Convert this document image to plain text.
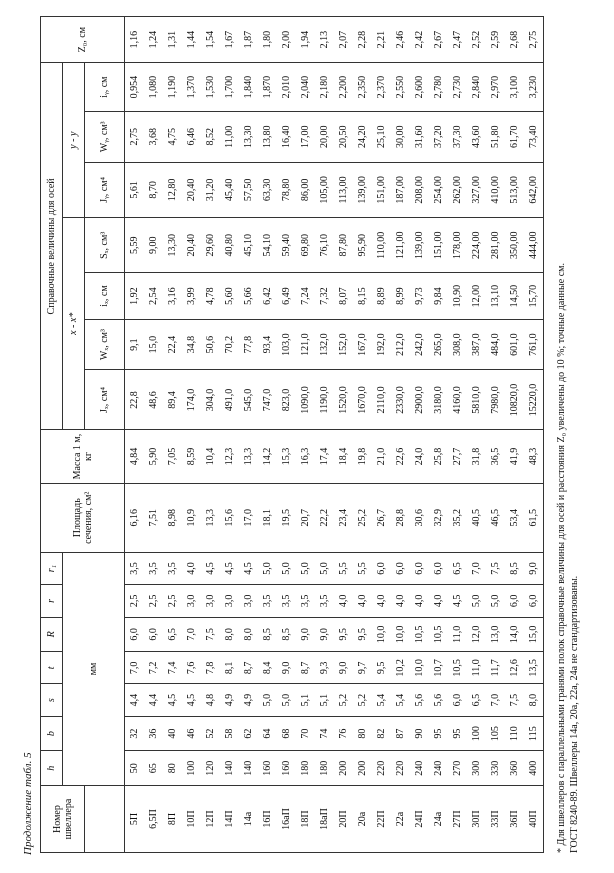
Продолжение табл. 5 Номер швеллера	h	b	s	t	R	r	r₁	Площадь сечения, см²	Масса 1 м, кг	Справочные величины для осей							Z₀, см
	мм									x - x*				y - y			
										Jₓ, см⁴	Wₓ, см³	iₓ, см	Sₓ, см³	Jᵧ, см⁴	Wᵧ, см³	iᵧ, см	
5П	50	32	4,4	7,0	6,0	2,5	3,5	6,16	4,84	22,8	9,1	1,92	5,59	5,61	2,75	0,954	1,16
6,5П	65	36	4,4	7,2	6,0	2,5	3,5	7,51	5,90	48,6	15,0	2,54	9,00	8,70	3,68	1,080	1,24
8П	80	40	4,5	7,4	6,5	2,5	3,5	8,98	7,05	89,4	22,4	3,16	13,30	12,80	4,75	1,190	1,31
10П	100	46	4,5	7,6	7,0	3,0	4,0	10,9	8,59	174,0	34,8	3,99	20,40	20,40	6,46	1,370	1,44
12П	120	52	4,8	7,8	7,5	3,0	4,5	13,3	10,4	304,0	50,6	4,78	29,60	31,20	8,52	1,530	1,54
14П	140	58	4,9	8,1	8,0	3,0	4,5	15,6	12,3	491,0	70,2	5,60	40,80	45,40	11,00	1,700	1,67
14а	140	62	4,9	8,7	8,0	3,0	4,5	17,0	13,3	545,0	77,8	5,66	45,10	57,50	13,30	1,840	1,87
16П	160	64	5,0	8,4	8,5	3,5	5,0	18,1	14,2	747,0	93,4	6,42	54,10	63,30	13,80	1,870	1,80
16аП	160	68	5,0	9,0	8,5	3,5	5,0	19,5	15,3	823,0	103,0	6,49	59,40	78,80	16,40	2,010	2,00
18П	180	70	5,1	8,7	9,0	3,5	5,0	20,7	16,3	1090,0	121,0	7,24	69,80	86,00	17,00	2,040	1,94
18аП	180	74	5,1	9,3	9,0	3,5	5,0	22,2	17,4	1190,0	132,0	7,32	76,10	105,00	20,00	2,180	2,13
20П	200	76	5,2	9,0	9,5	4,0	5,5	23,4	18,4	1520,0	152,0	8,07	87,80	113,00	20,50	2,200	2,07
20а	200	80	5,2	9,7	9,5	4,0	5,5	25,2	19,8	1670,0	167,0	8,15	95,90	139,00	24,20	2,350	2,28
22П	220	82	5,4	9,5	10,0	4,0	6,0	26,7	21,0	2110,0	192,0	8,89	110,00	151,00	25,10	2,370	2,21
22а	220	87	5,4	10,2	10,0	4,0	6,0	28,8	22,6	2330,0	212,0	8,99	121,00	187,00	30,00	2,550	2,46
24П	240	90	5,6	10,0	10,5	4,0	6,0	30,6	24,0	2900,0	242,0	9,73	139,00	208,00	31,60	2,600	2,42
24а	240	95	5,6	10,7	10,5	4,0	6,0	32,9	25,8	3180,0	265,0	9,84	151,00	254,00	37,20	2,780	2,67
27П	270	95	6,0	10,5	11,0	4,5	6,5	35,2	27,7	4160,0	308,0	10,90	178,00	262,00	37,30	2,730	2,47
30П	300	100	6,5	11,0	12,0	5,0	7,0	40,5	31,8	5810,0	387,0	12,00	224,00	327,00	43,60	2,840	2,52
33П	330	105	7,0	11,7	13,0	5,0	7,5	46,5	36,5	7980,0	484,0	13,10	281,00	410,00	51,80	2,970	2,59
36П	360	110	7,5	12,6	14,0	6,0	8,5	53,4	41,9	10820,0	601,0	14,50	350,00	513,00	61,70	3,100	2,68
40П	400	115	8,0	13,5	15,0	6,0	9,0	61,5	48,3	15220,0	761,0	15,70	444,00	642,00	73,40	3,230	2,75
* Для швеллеров с параллельными гранями полок справочные величины для осей и расстояния Z₀ увеличены до 10 %; точные данные см. ГОСТ 8240-89. Швеллеры 14а, 20а, 22а, 24а не стандартизованы.
